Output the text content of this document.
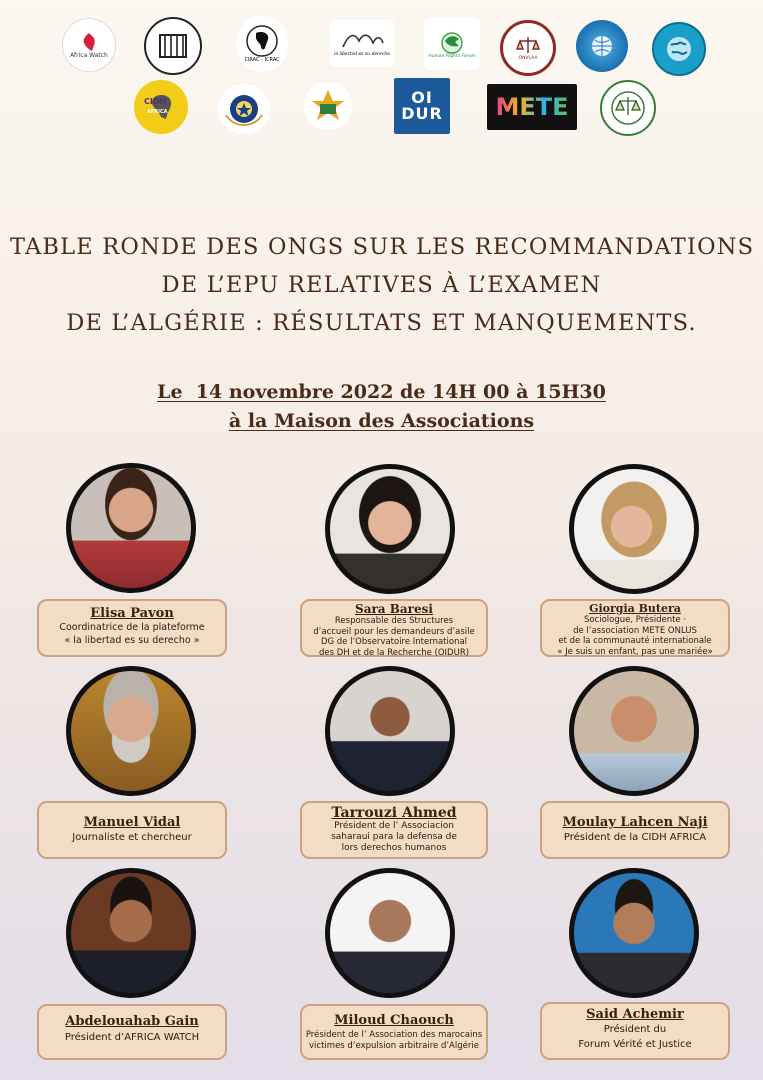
Africa Watch
CIRAC - ICRAC
la libertad es su derecho	Human Rights Forum	ONVLAA
CIDH
AFRICA
OI DUR METE
TABLE RONDE DES ONGS SUR LES RECOMMANDATIONS
DE L’EPU RELATIVES À L’EXAMEN
DE L’ALGÉRIE : RÉSULTATS ET MANQUEMENTS.
Le  14 novembre 2022 de 14H 00 à 15H30
à la Maison des Associations
Elisa Pavon
Coordinatrice de la plateforme
« la libertad es su derecho »
Sara Baresi
Responsable des Structures
d’accueil pour les demandeurs d’asile
DG de l’Observatoire International
des DH et de la Recherche (OIDUR)
Giorgia Butera
Sociologue, Présidente ·
de l’association METE ONLUS
et de la communauté internationale
« Je suis un enfant, pas une mariée»
Manuel Vidal
Journaliste et chercheur
Tarrouzi Ahmed
Président de l’ Associacion
saharaui para la defensa de
lors derechos humanos
Moulay Lahcen Naji
Président de la CIDH AFRICA
Abdelouahab Gain
Président d’AFRICA WATCH
Miloud Chaouch
Président de l’ Association des marocains
victimes d’expulsion arbitraire d’Algérie
Said Achemir
Président du
Forum Vérité et Justice
